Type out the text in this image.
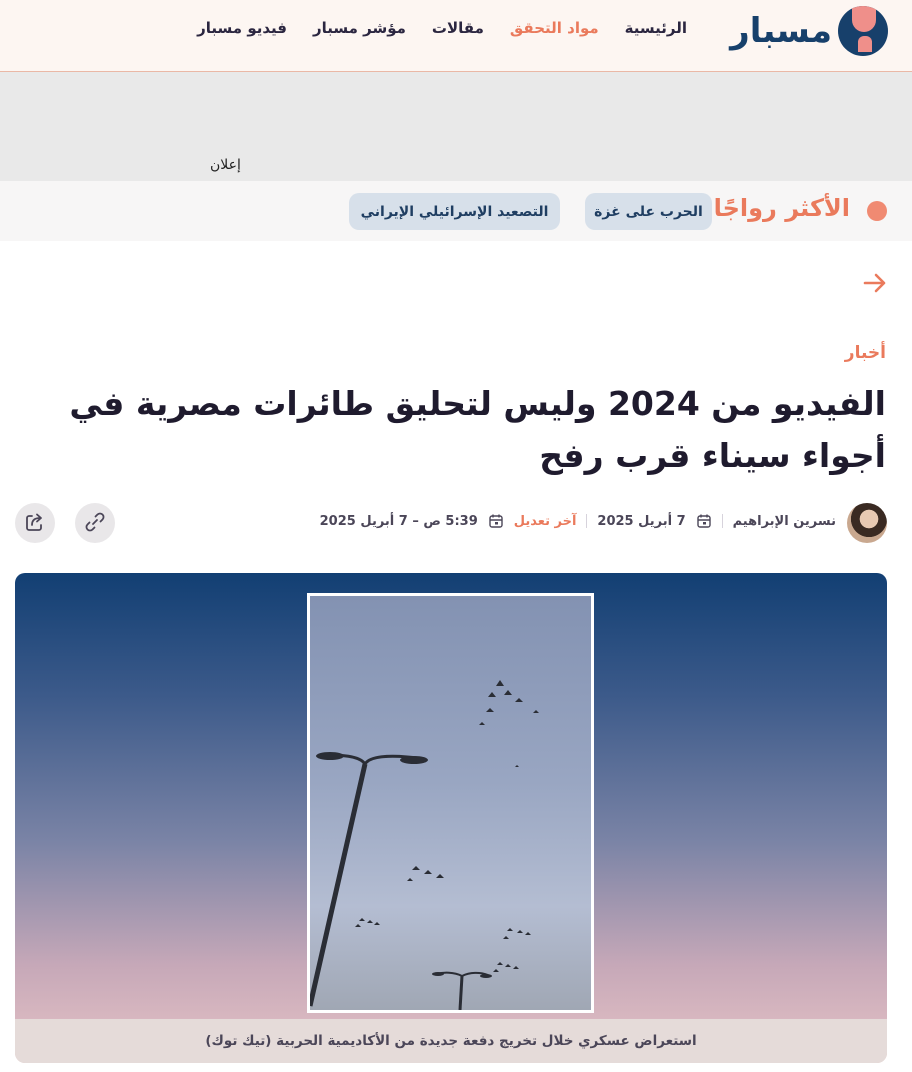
مسبار
الرئيسية
مواد التحقق
مقالات
مؤشر مسبار
فيديو مسبار
إعلان
الأكثر رواجًا
الحرب على غزة
التصعيد الإسرائيلي الإيراني
أخبار
الفيديو من 2024 وليس لتحليق طائرات مصرية في أجواء سيناء قرب رفح
نسرين الإبراهيم
7 أبريل 2025
آخر تعديل
5:39 ص – 7 أبريل 2025
استعراض عسكري خلال تخريج دفعة جديدة من الأكاديمية الحربية (تيك توك)
